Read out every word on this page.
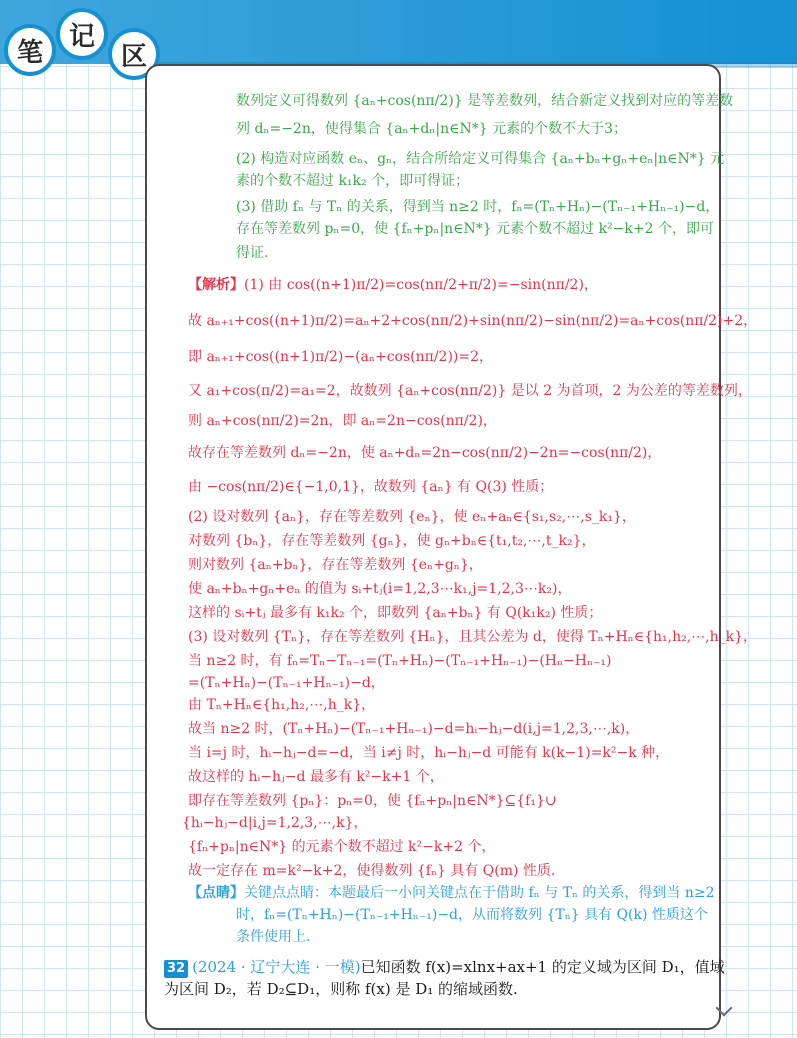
笔
记
区
数列定义可得数列 {aₙ+cos(nπ/2)} 是等差数列，结合新定义找到对应的等差数
列 dₙ=−2n，使得集合 {aₙ+dₙ|n∈N*} 元素的个数不大于3；
(2) 构造对应函数 eₙ、gₙ，结合所给定义可得集合 {aₙ+bₙ+gₙ+eₙ|n∈N*} 元
素的个数不超过 k₁k₂ 个，即可得证；
(3) 借助 fₙ 与 Tₙ 的关系，得到当 n≥2 时，fₙ=(Tₙ+Hₙ)−(Tₙ₋₁+Hₙ₋₁)−d，
存在等差数列 pₙ=0，使 {fₙ+pₙ|n∈N*} 元素个数不超过 k²−k+2 个，即可
得证.
【解析】(1) 由 cos((n+1)π/2)=cos(nπ/2+π/2)=−sin(nπ/2)，
故 aₙ₊₁+cos((n+1)π/2)=aₙ+2+cos(nπ/2)+sin(nπ/2)−sin(nπ/2)=aₙ+cos(nπ/2)+2，
即 aₙ₊₁+cos((n+1)π/2)−(aₙ+cos(nπ/2))=2，
又 a₁+cos(π/2)=a₁=2，故数列 {aₙ+cos(nπ/2)} 是以 2 为首项，2 为公差的等差数列，
则 aₙ+cos(nπ/2)=2n，即 aₙ=2n−cos(nπ/2)，
故存在等差数列 dₙ=−2n，使 aₙ+dₙ=2n−cos(nπ/2)−2n=−cos(nπ/2)，
由 −cos(nπ/2)∈{−1,0,1}，故数列 {aₙ} 有 Q(3) 性质；
(2) 设对数列 {aₙ}，存在等差数列 {eₙ}，使 eₙ+aₙ∈{s₁,s₂,⋯,s_k₁}，
对数列 {bₙ}，存在等差数列 {gₙ}，使 gₙ+bₙ∈{t₁,t₂,⋯,t_k₂}，
则对数列 {aₙ+bₙ}，存在等差数列 {eₙ+gₙ}，
使 aₙ+bₙ+gₙ+eₙ 的值为 sᵢ+tⱼ(i=1,2,3⋯k₁,j=1,2,3⋯k₂)，
这样的 sᵢ+tⱼ 最多有 k₁k₂ 个，即数列 {aₙ+bₙ} 有 Q(k₁k₂) 性质；
(3) 设对数列 {Tₙ}，存在等差数列 {Hₙ}，且其公差为 d，使得 Tₙ+Hₙ∈{h₁,h₂,⋯,h_k}，
当 n≥2 时，有 fₙ=Tₙ−Tₙ₋₁=(Tₙ+Hₙ)−(Tₙ₋₁+Hₙ₋₁)−(Hₙ−Hₙ₋₁)
=(Tₙ+Hₙ)−(Tₙ₋₁+Hₙ₋₁)−d，
由 Tₙ+Hₙ∈{h₁,h₂,⋯,h_k}，
故当 n≥2 时，(Tₙ+Hₙ)−(Tₙ₋₁+Hₙ₋₁)−d=hᵢ−hⱼ−d(i,j=1,2,3,⋯,k)，
当 i=j 时，hᵢ−hⱼ−d=−d，当 i≠j 时，hᵢ−hⱼ−d 可能有 k(k−1)=k²−k 种，
故这样的 hᵢ−hⱼ−d 最多有 k²−k+1 个，
即存在等差数列 {pₙ}：pₙ=0，使 {fₙ+pₙ|n∈N*}⊆{f₁}∪
{hᵢ−hⱼ−d|i,j=1,2,3,⋯,k}，
{fₙ+pₙ|n∈N*} 的元素个数不超过 k²−k+2 个，
故一定存在 m=k²−k+2，使得数列 {fₙ} 具有 Q(m) 性质.
【点睛】关键点点睛：本题最后一小问关键点在于借助 fₙ 与 Tₙ 的关系，得到当 n≥2
时，fₙ=(Tₙ+Hₙ)−(Tₙ₋₁+Hₙ₋₁)−d，从而将数列 {Tₙ} 具有 Q(k) 性质这个
条件使用上.
32 (2024 · 辽宁大连 · 一模)已知函数 f(x)=xlnx+ax+1 的定义域为区间 D₁，值域
为区间 D₂，若 D₂⊆D₁，则称 f(x) 是 D₁ 的缩域函数.
